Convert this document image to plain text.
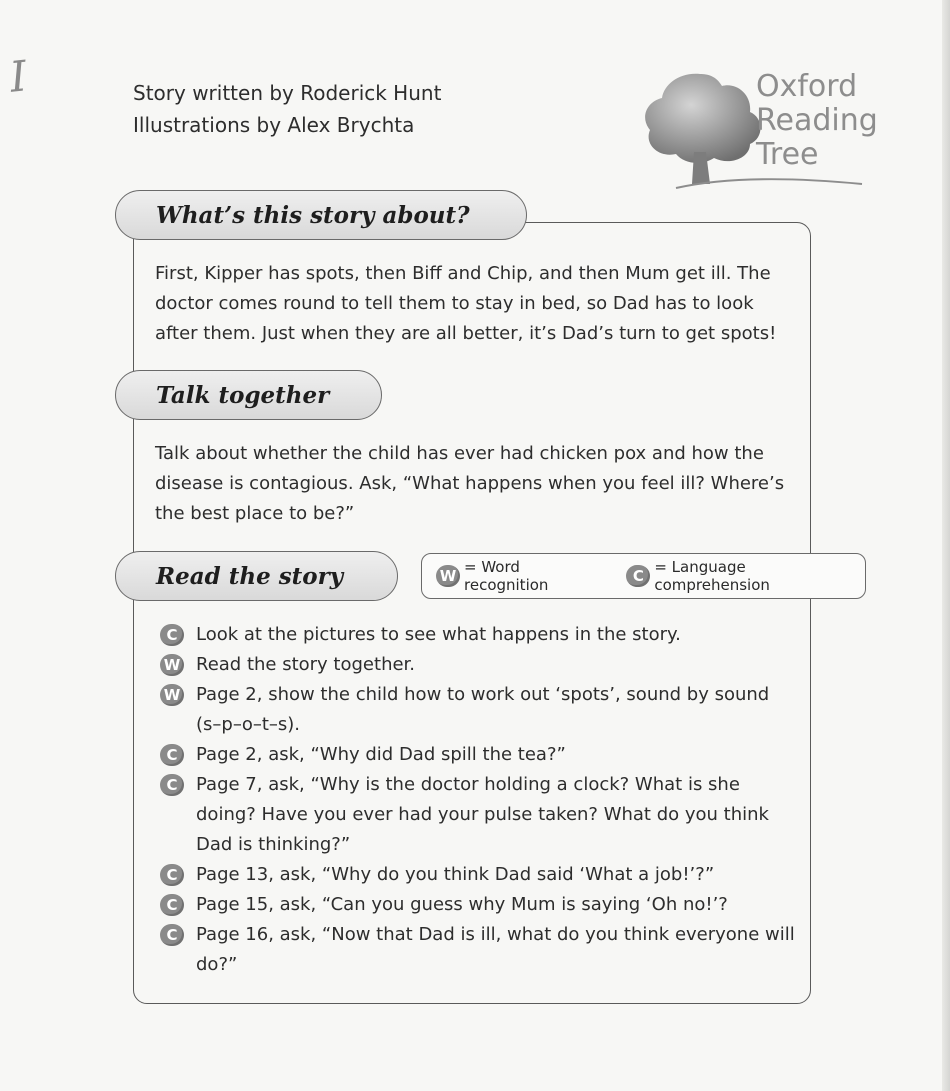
I	Story written by Roderick Hunt
Illustrations by Alex Brychta
Oxford
Reading
Tree
What’s this story about?
First, Kipper has spots, then Biff and Chip, and then Mum get ill. The doctor comes round to tell them to stay in bed, so Dad has to look after them. Just when they are all better, it’s Dad’s turn to get spots!
Talk together
Talk about whether the child has ever had chicken pox and how the disease is contagious. Ask, “What happens when you feel ill? Where’s the best place to be?”
Read the story	W = Word recognition	C = Language comprehension
C	Look at the pictures to see what happens in the story.
W Read the story together.
W Page 2, show the child how to work out ‘spots’, sound by sound (s–p–o–t–s).
C	Page 2, ask, “Why did Dad spill the tea?”
C	Page 7, ask, “Why is the doctor holding a clock? What is she doing? Have you ever had your pulse taken? What do you think Dad is thinking?”
C	Page 13, ask, “Why do you think Dad said ‘What a job!’?”
C	Page 15, ask, “Can you guess why Mum is saying ‘Oh no!’?
C	Page 16, ask, “Now that Dad is ill, what do you think everyone will do?”
